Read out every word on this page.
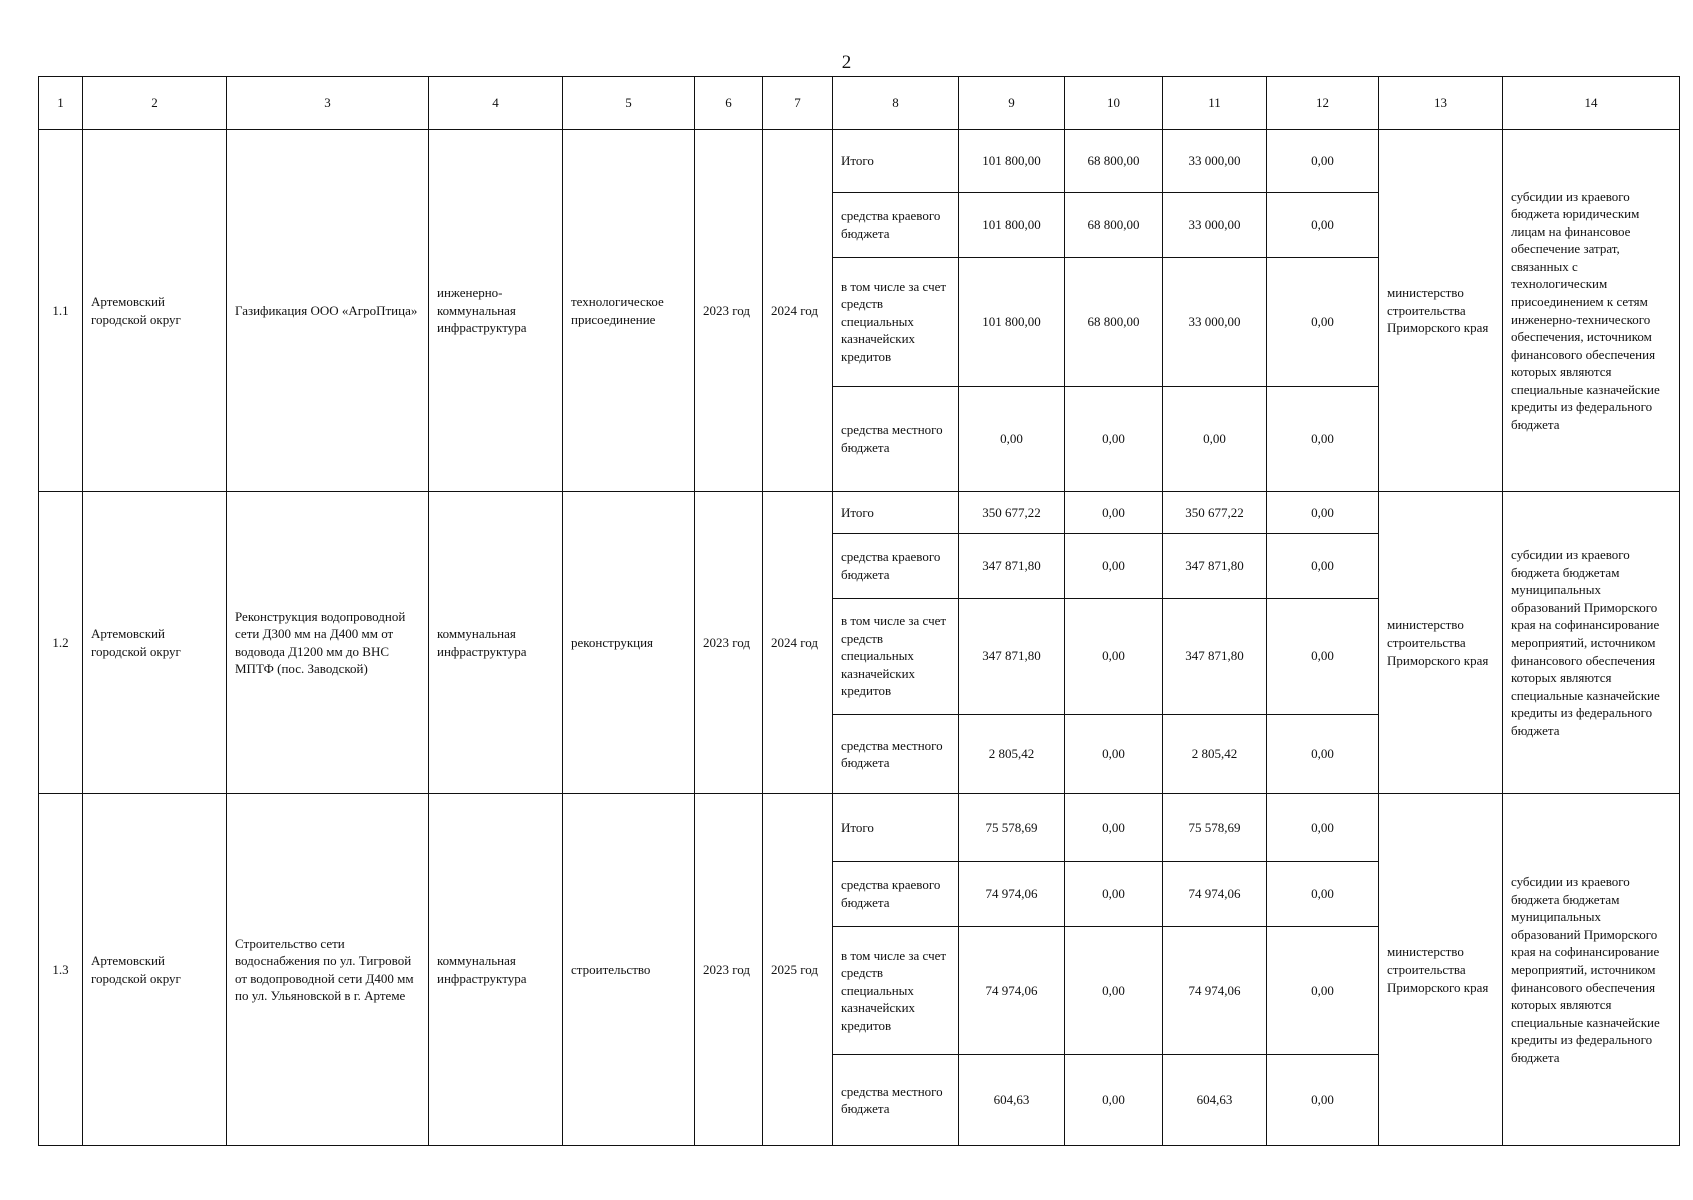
2
1	2	3	4	5	6	7	8	9	10	11	12	13	14
1.1	Артемовский городской округ	Газификация ООО «АгроПтица»	инженерно-коммунальная инфраструктура	технологическое присоединение	2023 год	2024 год	Итого	101 800,00	68 800,00	33 000,00	0,00	министерство строительства Приморского края	субсидии из краевого бюджета юридическим лицам на финансовое обеспечение затрат, связанных с технологическим присоединением к сетям инженерно-технического обеспечения, источником финансового обеспечения которых являются специальные казначейские кредиты из федерального бюджета
							средства краевого бюджета	101 800,00	68 800,00	33 000,00	0,00		
							в том числе за счет средств специальных казначейских кредитов	101 800,00	68 800,00	33 000,00	0,00		
							средства местного бюджета	0,00	0,00	0,00	0,00		
1.2	Артемовский городской округ	Реконструкция водопроводной сети Д300 мм на Д400 мм от водовода Д1200 мм до ВНС МПТФ (пос. Заводской)	коммунальная инфраструктура	реконструкция	2023 год	2024 год	Итого	350 677,22	0,00	350 677,22	0,00	министерство строительства Приморского края	субсидии из краевого бюджета бюджетам муниципальных образований Приморского края на софинансирование мероприятий, источником финансового обеспечения которых являются специальные казначейские кредиты из федерального бюджета
							средства краевого бюджета	347 871,80	0,00	347 871,80	0,00		
							в том числе за счет средств специальных казначейских кредитов	347 871,80	0,00	347 871,80	0,00		
							средства местного бюджета	2 805,42	0,00	2 805,42	0,00		
1.3	Артемовский городской округ	Строительство сети водоснабжения по ул. Тигровой от водопроводной сети Д400 мм по ул. Ульяновской в г. Артеме	коммунальная инфраструктура	строительство	2023 год	2025 год	Итого	75 578,69	0,00	75 578,69	0,00	министерство строительства Приморского края	субсидии из краевого бюджета бюджетам муниципальных образований Приморского края на софинансирование мероприятий, источником финансового обеспечения которых являются специальные казначейские кредиты из федерального бюджета
							средства краевого бюджета	74 974,06	0,00	74 974,06	0,00		
							в том числе за счет средств специальных казначейских кредитов	74 974,06	0,00	74 974,06	0,00		
							средства местного бюджета	604,63	0,00	604,63	0,00		
